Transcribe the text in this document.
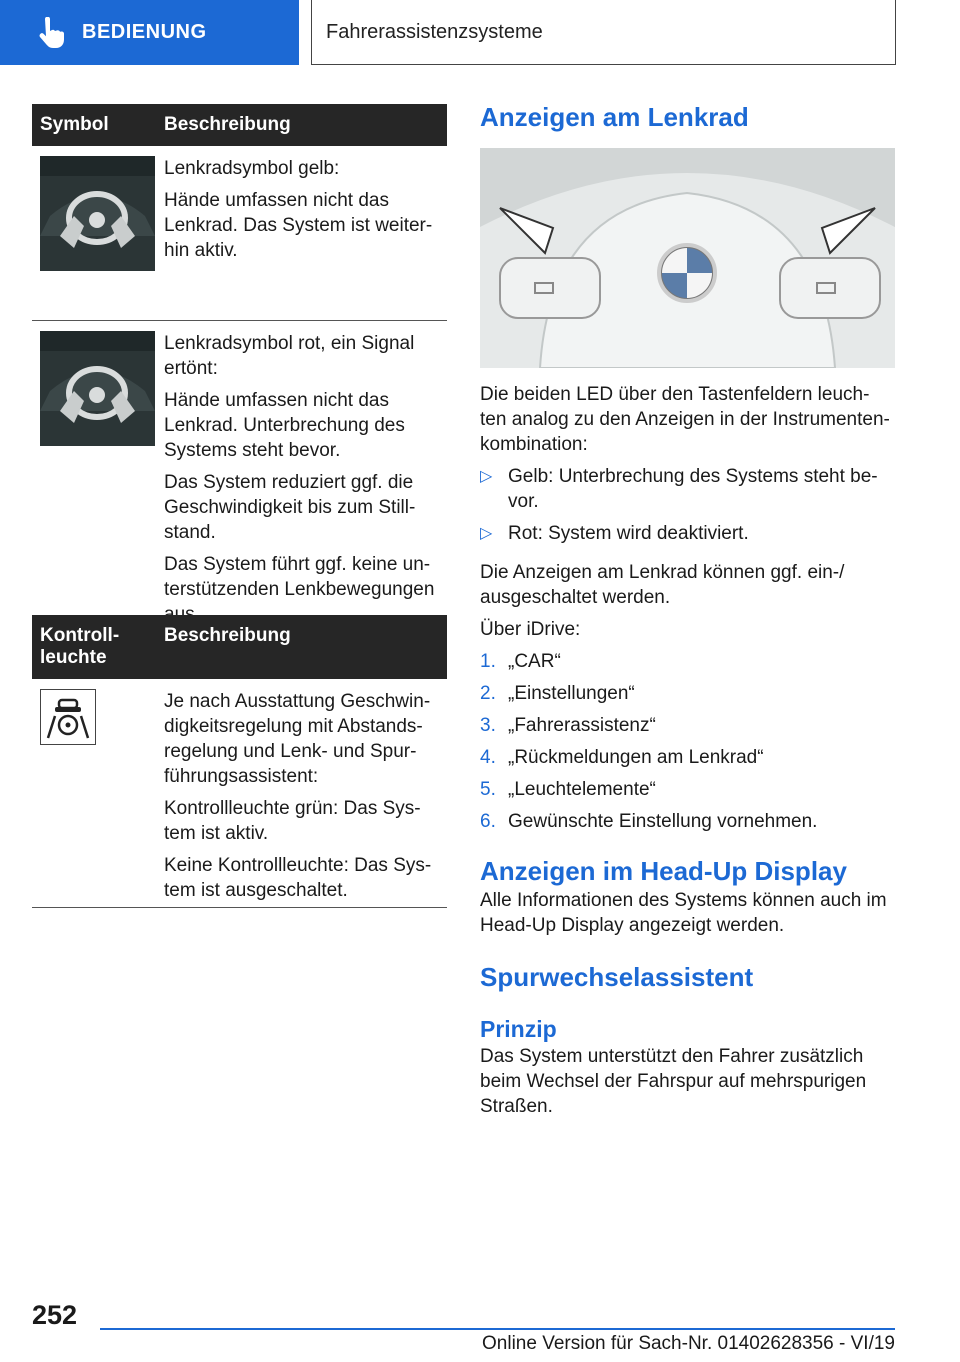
BEDIENUNG	Fahrerassistenzsysteme
Symbol	Beschreibung

Lenkradsymbol gelb:

Hände umfassen nicht das Lenkrad. Das System ist weiter-hin aktiv.

Lenkradsymbol rot, ein Signal ertönt:

Hände umfassen nicht das Lenkrad. Unterbrechung des Systems steht bevor.

Das System reduziert ggf. die Geschwindigkeit bis zum Still-stand.

Das System führt ggf. keine un-terstützenden Lenkbewegungen

Kontroll-leuchte
Beschreibung

Je nach Ausstattung Geschwin-digkeitsregelung mit Abstands-regelung und Lenk- und Spur-führungsassistent:

Kontrollleuchte grün: Das Sys-tem ist aktiv.

Keine Kontrollleuchte: Das Sys-tem ist ausgeschaltet.

Anzeigen am Lenkrad

Die beiden LED über den Tastenfeldern leuch-ten analog zu den Anzeigen in der Instrumenten-kombination:

▷ Gelb: Unterbrechung des Systems steht be-vor.
▷ Rot: System wird deaktiviert.

Die Anzeigen am Lenkrad können ggf. ein-/ ausgeschaltet werden.

Über iDrive:

1. „CAR“
2. „Einstellungen“
3. „Fahrerassistenz“
4. „Rückmeldungen am Lenkrad“
5. „Leuchtelemente“
6. Gewünschte Einstellung vornehmen.
Anzeigen im Head-Up Display

Alle Informationen des Systems können auch im Head-Up Display angezeigt werden.

Spurwechselassistent
Prinzip

Das System unterstützt den Fahrer zusätzlich beim Wechsel der Fahrspur auf mehrspurigen Straßen.

252
Online Version für Sach-Nr. 01402628356 - VI/19
